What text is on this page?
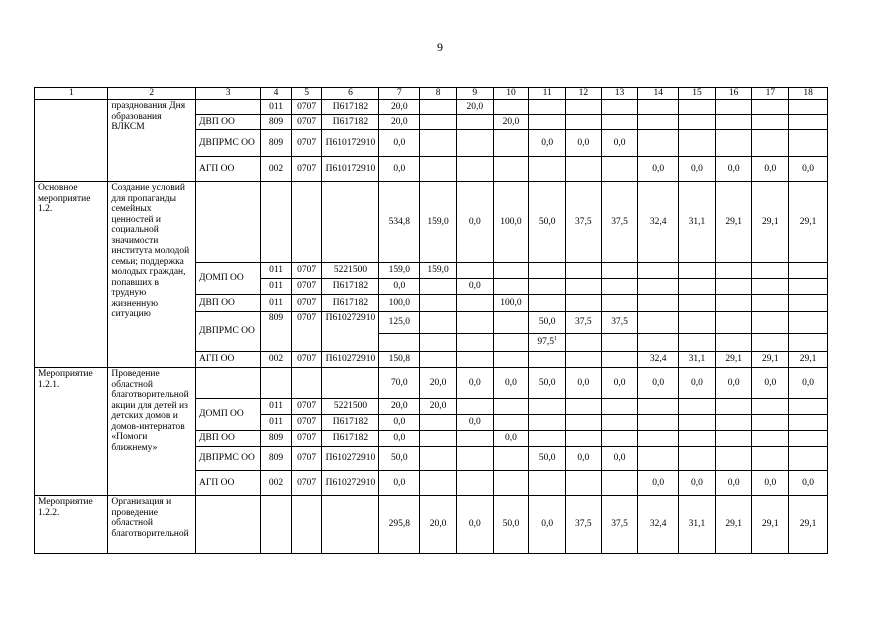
9
1	2	3	4	5	6	7	8	9	10	11	12	13	14	15	16	17	18
	празднования Дня образования ВЛКСМ		011	0707	П617182	20,0		20,0									
		ДВП ОО	809	0707	П617182	20,0			20,0								
		ДВПРМС ОО	809	0707	П610172910	0,0				0,0	0,0	0,0					
		АГП ОО	002	0707	П610172910	0,0							0,0	0,0	0,0	0,0	0,0
Основное мероприятие 1.2.	Создание условий для пропаганды семейных ценностей и социальной значимости института молодой семьи; поддержка молодых граждан, попавших в трудную жизненную ситуацию					534,8	159,0	0,0	100,0	50,0	37,5	37,5	32,4	31,1	29,1	29,1	29,1
		ДОМП ОО	011	0707	5221500	159,0	159,0										
			011	0707	П617182	0,0		0,0									
		ДВП ОО	011	0707	П617182	100,0			100,0								
		ДВПРМС ОО	809	0707	П610272910	125,0				50,0	37,5	37,5					
										97,5$^1$							
		АГП ОО	002	0707	П610272910	150,8							32,4	31,1	29,1	29,1	29,1
Мероприятие 1.2.1.	Проведение областной благотворительной акции для детей из детских домов и домов-интернатов «Помоги ближнему»					70,0	20,0	0,0	0,0	50,0	0,0	0,0	0,0	0,0	0,0	0,0	0,0
		ДОМП ОО	011	0707	5221500	20,0	20,0										
			011	0707	П617182	0,0		0,0									
		ДВП ОО	809	0707	П617182	0,0			0,0								
		ДВПРМС ОО	809	0707	П610272910	50,0				50,0	0,0	0,0					
		АГП ОО	002	0707	П610272910	0,0							0,0	0,0	0,0	0,0	0,0
Мероприятие 1.2.2.	Организация и проведение областной благотворительной					295,8	20,0	0,0	50,0	0,0	37,5	37,5	32,4	31,1	29,1	29,1	29,1
